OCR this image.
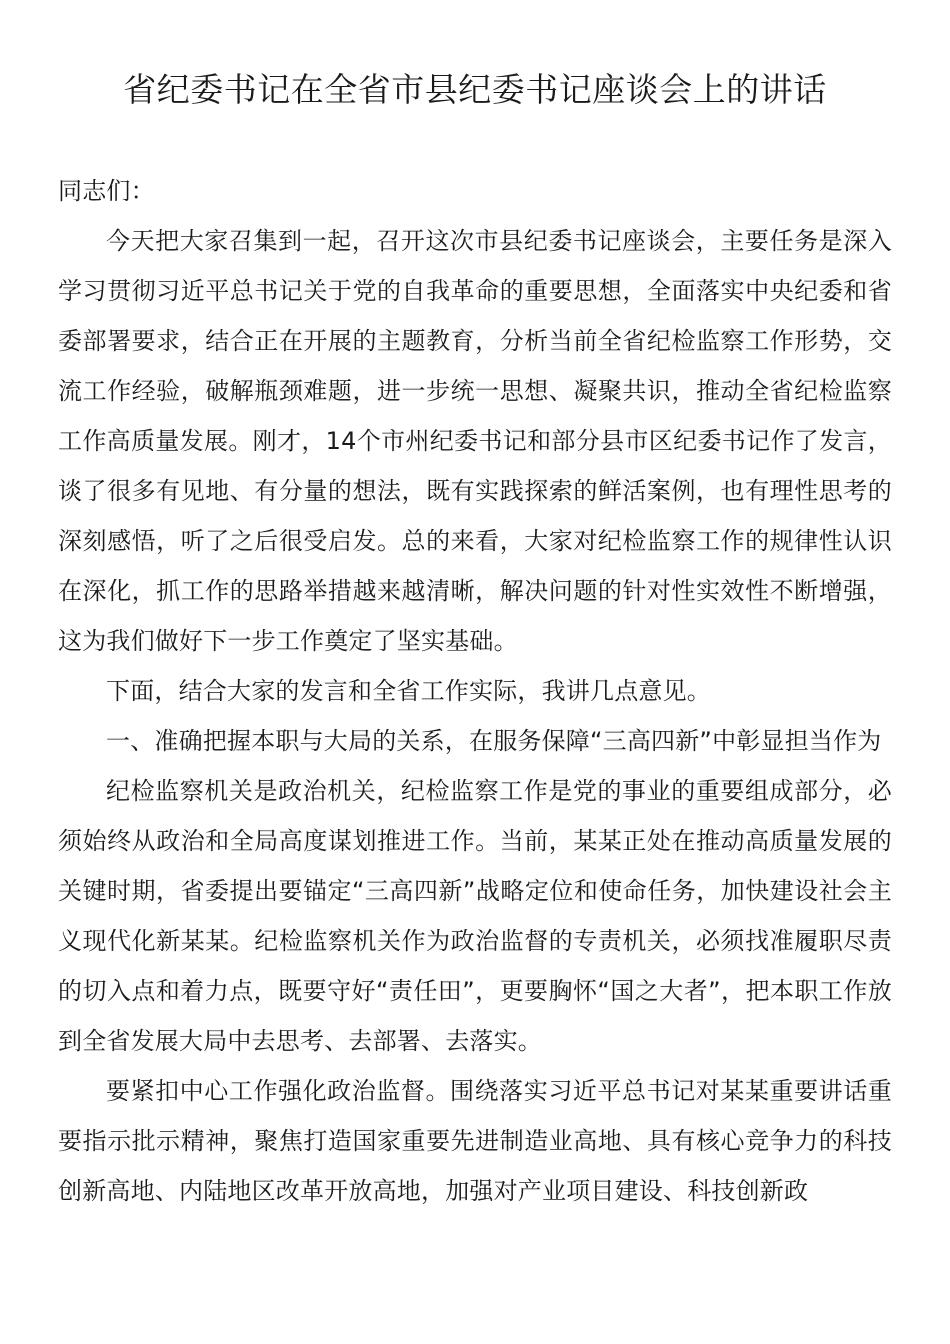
省纪委书记在全省市县纪委书记座谈会上的讲话

同志们：

今天把大家召集到一起，召开这次市县纪委书记座谈会，主要任务是深入学习贯彻习近平总书记关于党的自我革命的重要思想，全面落实中央纪委和省委部署要求，结合正在开展的主题教育，分析当前全省纪检监察工作形势，交流工作经验，破解瓶颈难题，进一步统一思想、凝聚共识，推动全省纪检监察工作高质量发展。刚才，14个市州纪委书记和部分县市区纪委书记作了发言，谈了很多有见地、有分量的想法，既有实践探索的鲜活案例，也有理性思考的深刻感悟，听了之后很受启发。总的来看，大家对纪检监察工作的规律性认识在深化，抓工作的思路举措越来越清晰，解决问题的针对性实效性不断增强，这为我们做好下一步工作奠定了坚实基础。

下面，结合大家的发言和全省工作实际，我讲几点意见。

一、准确把握本职与大局的关系，在服务保障“三高四新”中彰显担当作为

纪检监察机关是政治机关，纪检监察工作是党的事业的重要组成部分，必须始终从政治和全局高度谋划推进工作。当前，某某正处在推动高质量发展的关键时期，省委提出要锚定“三高四新”战略定位和使命任务，加快建设社会主义现代化新某某。纪检监察机关作为政治监督的专责机关，必须找准履职尽责的切入点和着力点，既要守好“责任田”，更要胸怀“国之大者”，把本职工作放到全省发展大局中去思考、去部署、去落实。

要紧扣中心工作强化政治监督。围绕落实习近平总书记对某某重要讲话重要指示批示精神，聚焦打造国家重要先进制造业高地、具有核心竞争力的科技创新高地、内陆地区改革开放高地，加强对产业项目建设、科技创新政
